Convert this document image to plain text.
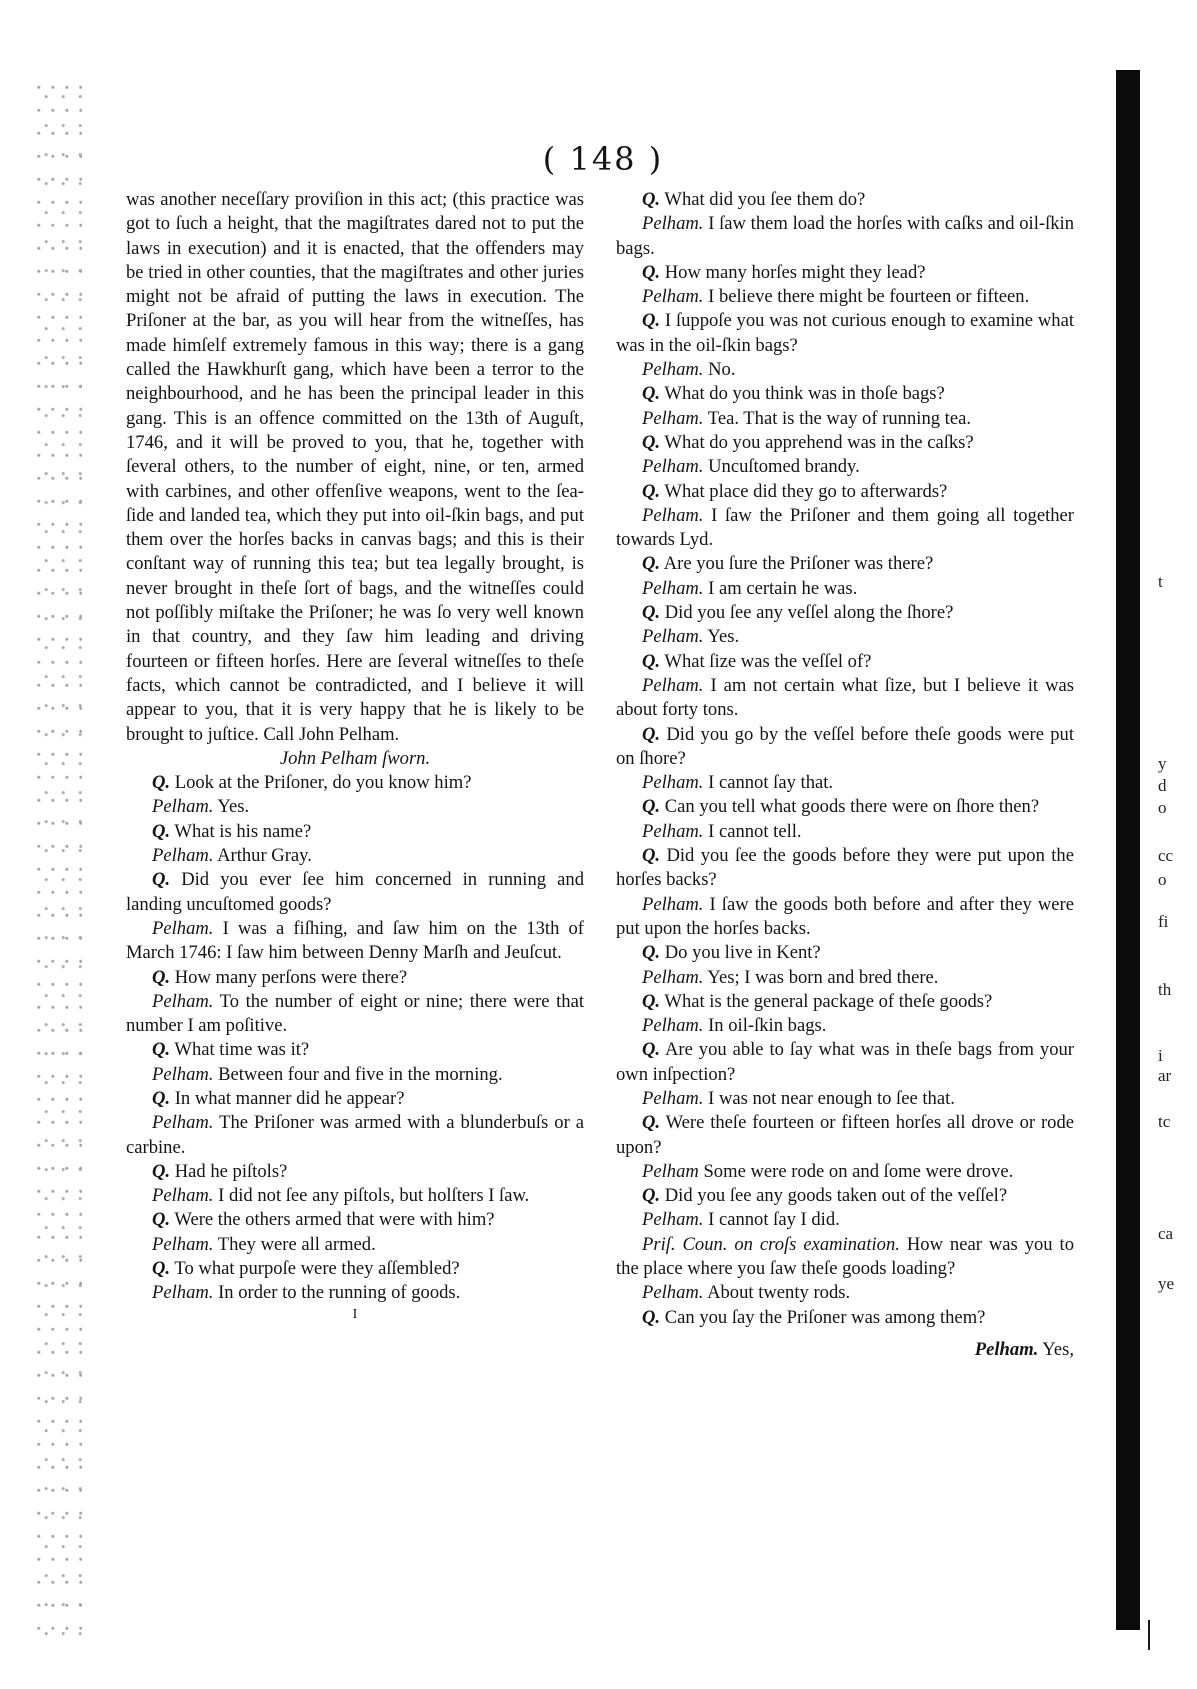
( 148 )

was another neceſſary proviſion in this act; (this practice was got to ſuch a height, that the magiſtrates dared not to put the laws in execution) and it is enacted, that the offenders may be tried in other counties, that the magiſtrates and other juries might not be afraid of putting the laws in execution. The Priſoner at the bar, as you will hear from the witneſſes, has made himſelf extremely famous in this way; there is a gang called the Hawkhurſt gang, which have been a terror to the neighbourhood, and he has been the principal leader in this gang. This is an offence committed on the 13th of Auguſt, 1746, and it will be proved to you, that he, together with ſeveral others, to the number of eight, nine, or ten, armed with carbines, and other offenſive weapons, went to the ſea-ſide and landed tea, which they put into oil-ſkin bags, and put them over the horſes backs in canvas bags; and this is their conſtant way of running this tea; but tea legally brought, is never brought in theſe ſort of bags, and the witneſſes could not poſſibly miſtake the Priſoner; he was ſo very well known in that country, and they ſaw him leading and driving fourteen or fifteen horſes. Here are ſeveral witneſſes to theſe facts, which cannot be contradicted, and I believe it will appear to you, that it is very happy that he is likely to be brought to juſtice. Call John Pelham.

John Pelham ſworn.

Q. Look at the Priſoner, do you know him?

Pelham. Yes.

Q. What is his name?

Pelham. Arthur Gray.

Q. Did you ever ſee him concerned in running and landing uncuſtomed goods?

Pelham. I was a fiſhing, and ſaw him on the 13th of March 1746: I ſaw him between Denny Marſh and Jeuſcut.

Q. How many perſons were there?

Pelham. To the number of eight or nine; there were that number I am poſitive.

Q. What time was it?

Pelham. Between four and five in the morning.

Q. In what manner did he appear?

Pelham. The Priſoner was armed with a blunderbuſs or a carbine.

Q. Had he piſtols?

Pelham. I did not ſee any piſtols, but holſters I ſaw.

Q. Were the others armed that were with him?

Pelham. They were all armed.

Q. To what purpoſe were they aſſembled?

Pelham. In order to the running of goods.

I

Q. What did you ſee them do?

Pelham. I ſaw them load the horſes with caſks and oil-ſkin bags.

Q. How many horſes might they lead?

Pelham. I believe there might be fourteen or fifteen.

Q. I ſuppoſe you was not curious enough to examine what was in the oil-ſkin bags?

Pelham. No.

Q. What do you think was in thoſe bags?

Pelham. Tea. That is the way of running tea.

Q. What do you apprehend was in the caſks?

Pelham. Uncuſtomed brandy.

Q. What place did they go to afterwards?

Pelham. I ſaw the Priſoner and them going all together towards Lyd.

Q. Are you ſure the Priſoner was there?

Pelham. I am certain he was.

Q. Did you ſee any veſſel along the ſhore?

Pelham. Yes.

Q. What ſize was the veſſel of?

Pelham. I am not certain what ſize, but I believe it was about forty tons.

Q. Did you go by the veſſel before theſe goods were put on ſhore?

Pelham. I cannot ſay that.

Q. Can you tell what goods there were on ſhore then?

Pelham. I cannot tell.

Q. Did you ſee the goods before they were put upon the horſes backs?

Pelham. I ſaw the goods both before and after they were put upon the horſes backs.

Q. Do you live in Kent?

Pelham. Yes; I was born and bred there.

Q. What is the general package of theſe goods?

Pelham. In oil-ſkin bags.

Q. Are you able to ſay what was in theſe bags from your own inſpection?

Pelham. I was not near enough to ſee that.

Q. Were theſe fourteen or fifteen horſes all drove or rode upon?

Pelham Some were rode on and ſome were drove.

Q. Did you ſee any goods taken out of the veſſel?

Pelham. I cannot ſay I did.

Priſ. Coun. on croſs examination. How near was you to the place where you ſaw theſe goods loading?

Pelham. About twenty rods.

Q. Can you ſay the Priſoner was among them?

Pelham. Yes,

t
y
d
o
cc
o
fi
th
i
ar
tc
ca
ye
